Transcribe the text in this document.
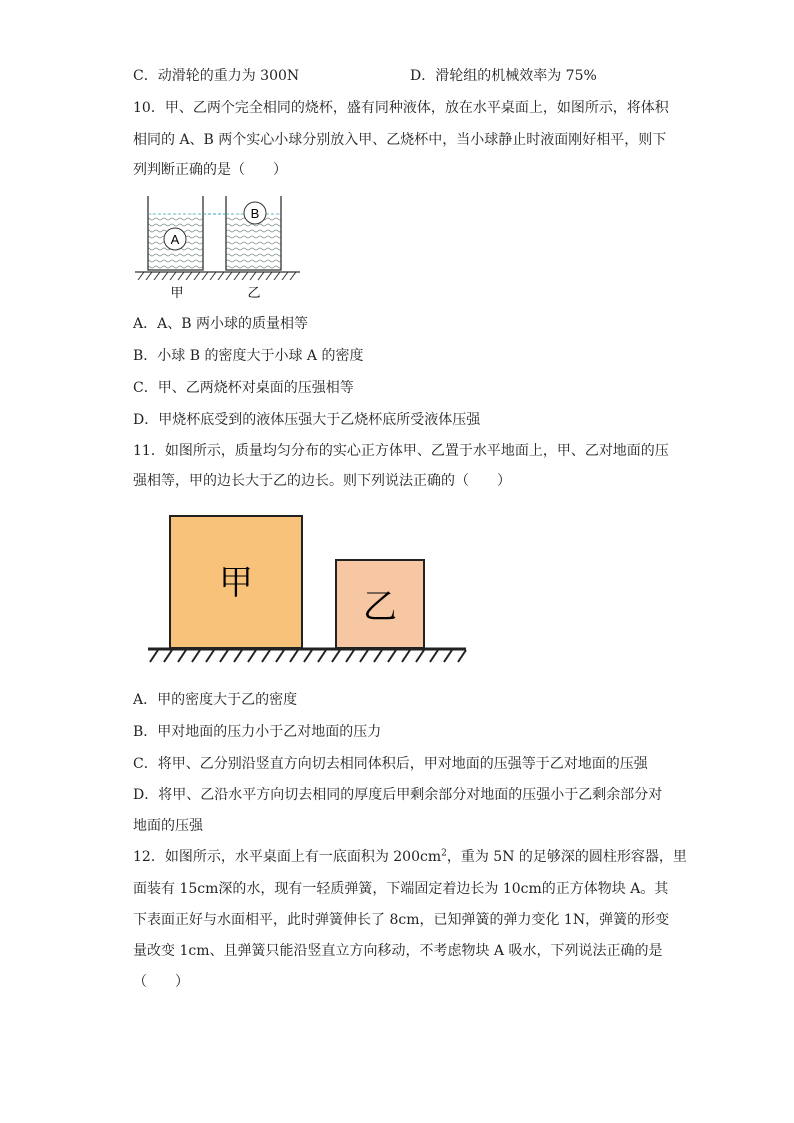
C．动滑轮的重力为 300N	D．滑轮组的机械效率为 75%
10．甲、乙两个完全相同的烧杯，盛有同种液体，放在水平桌面上，如图所示，将体积
相同的 A、B 两个实心小球分别放入甲、乙烧杯中，当小球静止时液面刚好相平，则下
列判断正确的是（　　）
A
B
甲	乙
A．A、B 两小球的质量相等
B．小球 B 的密度大于小球 A 的密度
C．甲、乙两烧杯对桌面的压强相等
D．甲烧杯底受到的液体压强大于乙烧杯底所受液体压强
11．如图所示，质量均匀分布的实心正方体甲、乙置于水平地面上，甲、乙对地面的压
强相等，甲的边长大于乙的边长。则下列说法正确的（　　）
甲
乙
A．甲的密度大于乙的密度
B．甲对地面的压力小于乙对地面的压力
C．将甲、乙分别沿竖直方向切去相同体积后，甲对地面的压强等于乙对地面的压强
D．将甲、乙沿水平方向切去相同的厚度后甲剩余部分对地面的压强小于乙剩余部分对
地面的压强
12．如图所示，水平桌面上有一底面积为 $200cm^2$，重为 5N 的足够深的圆柱形容器，里
面装有 15cm深的水，现有一轻质弹簧，下端固定着边长为 10cm的正方体物块 A。其
下表面正好与水面相平，此时弹簧伸长了 8cm，已知弹簧的弹力变化 1N，弹簧的形变
量改变 1cm、且弹簧只能沿竖直立方向移动，不考虑物块 A 吸水，下列说法正确的是
（　　）
